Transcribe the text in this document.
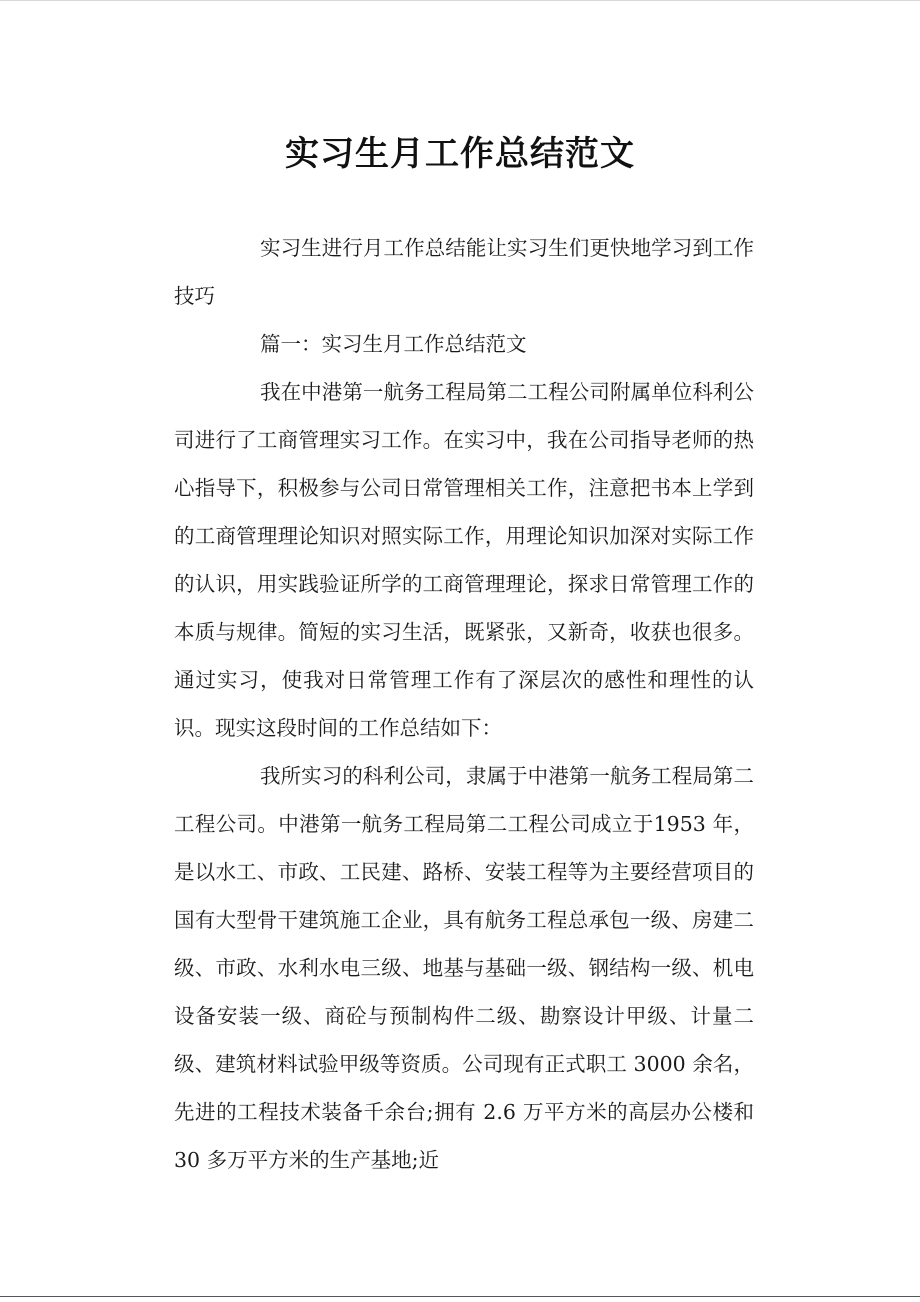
实习生月工作总结范文

实习生进行月工作总结能让实习生们更快地学习到工作技巧

篇一：实习生月工作总结范文

我在中港第一航务工程局第二工程公司附属单位科利公司进行了工商管理实习工作。在实习中，我在公司指导老师的热心指导下，积极参与公司日常管理相关工作，注意把书本上学到的工商管理理论知识对照实际工作，用理论知识加深对实际工作的认识，用实践验证所学的工商管理理论，探求日常管理工作的本质与规律。简短的实习生活，既紧张，又新奇，收获也很多。通过实习，使我对日常管理工作有了深层次的感性和理性的认识。现实这段时间的工作总结如下：

我所实习的科利公司，隶属于中港第一航务工程局第二工程公司。中港第一航务工程局第二工程公司成立于1953 年，是以水工、市政、工民建、路桥、安装工程等为主要经营项目的国有大型骨干建筑施工企业，具有航务工程总承包一级、房建二级、市政、水利水电三级、地基与基础一级、钢结构一级、机电设备安装一级、商砼与预制构件二级、勘察设计甲级、计量二级、建筑材料试验甲级等资质。公司现有正式职工 3000 余名，先进的工程技术装备千余台;拥有 2.6 万平方米的高层办公楼和 30 多万平方米的生产基地;近
